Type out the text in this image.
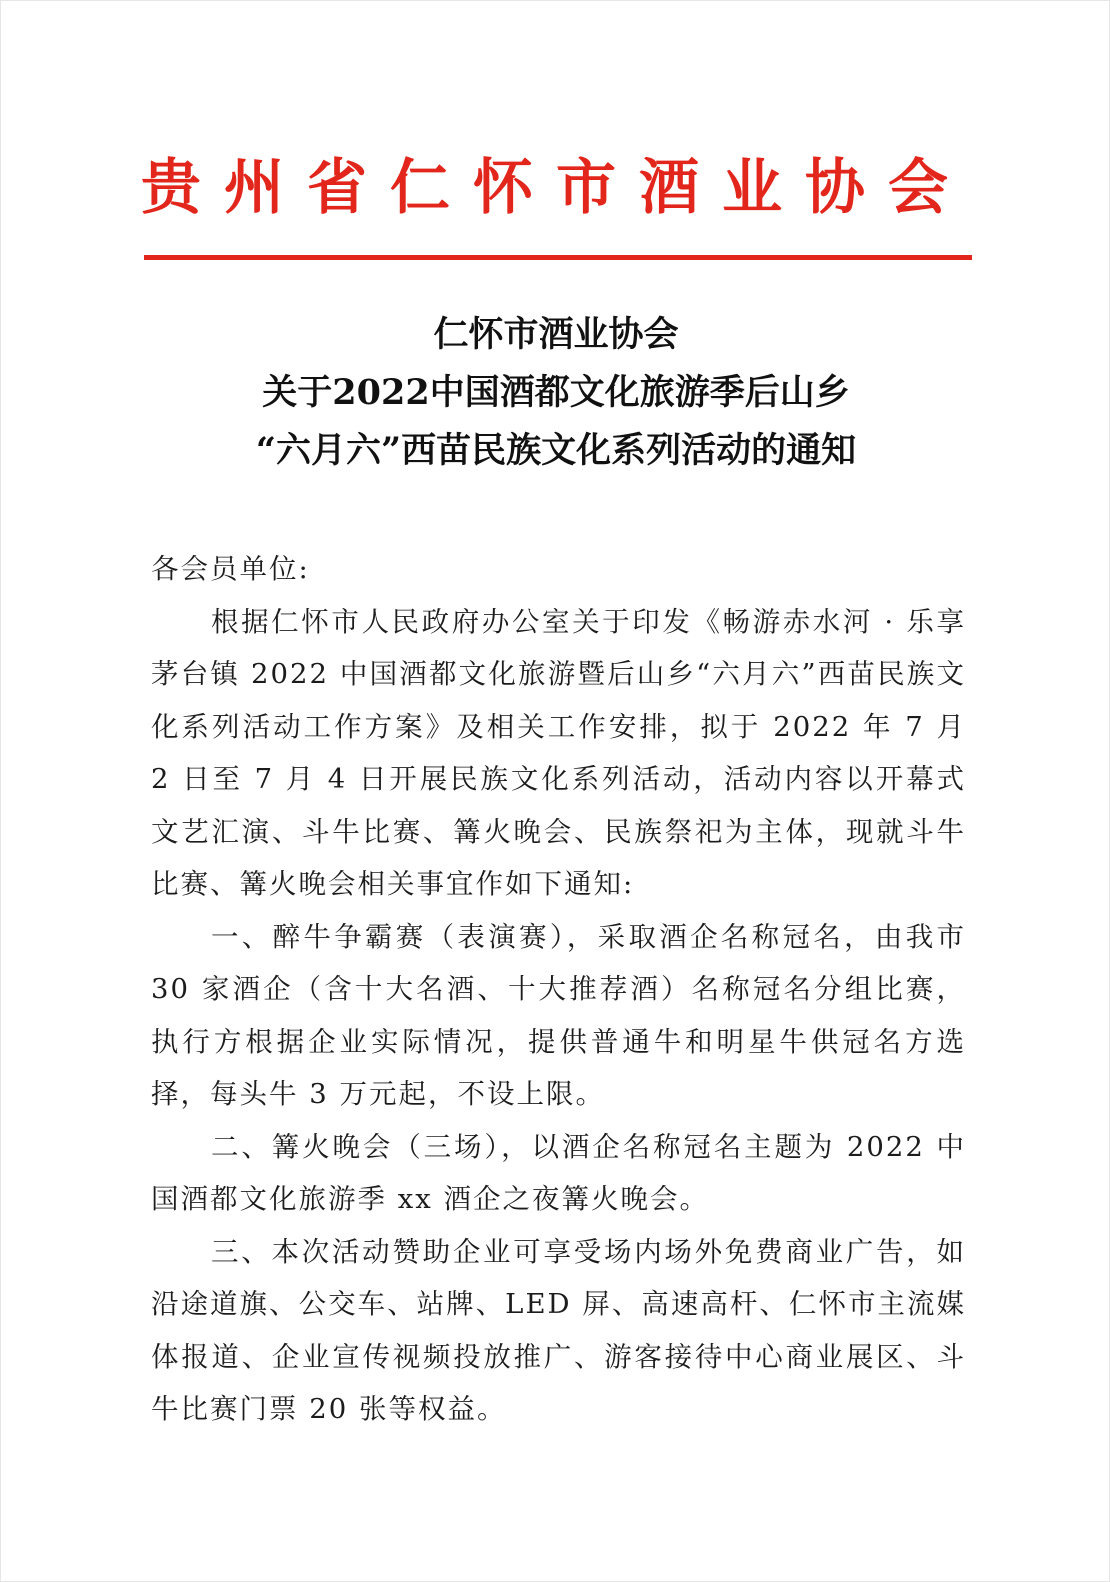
贵州省仁怀市酒业协会
仁怀市酒业协会
关于2022中国酒都文化旅游季后山乡
“六月六”西苗民族文化系列活动的通知

各会员单位:

根据仁怀市人民政府办公室关于印发《畅游赤水河 · 乐享茅台镇 2022 中国酒都文化旅游暨后山乡“六月六”西苗民族文化系列活动工作方案》及相关工作安排，拟于 2022 年 7 月 2 日至 7 月 4 日开展民族文化系列活动，活动内容以开幕式文艺汇演、斗牛比赛、篝火晚会、民族祭祀为主体，现就斗牛比赛、篝火晚会相关事宜作如下通知:

一、醉牛争霸赛（表演赛），采取酒企名称冠名，由我市 30 家酒企（含十大名酒、十大推荐酒）名称冠名分组比赛，执行方根据企业实际情况，提供普通牛和明星牛供冠名方选择，每头牛 3 万元起，不设上限。

二、篝火晚会（三场），以酒企名称冠名主题为 2022 中国酒都文化旅游季 xx 酒企之夜篝火晚会。

三、本次活动赞助企业可享受场内场外免费商业广告，如沿途道旗、公交车、站牌、LED 屏、高速高杆、仁怀市主流媒体报道、企业宣传视频投放推广、游客接待中心商业展区、斗牛比赛门票 20 张等权益。
